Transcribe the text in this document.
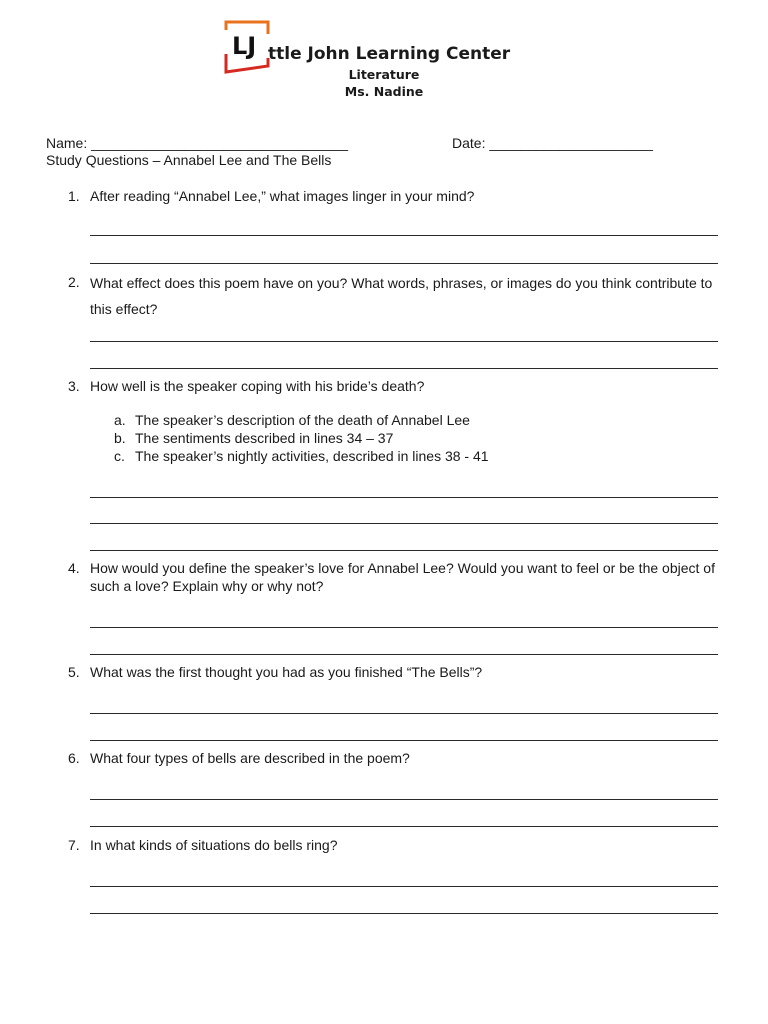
LJ ttle John Learning Center
Literature
Ms. Nadine
Name: _________________________________	Date: _____________________
Study Questions – Annabel Lee and The Bells
1. After reading “Annabel Lee,” what images linger in your mind?
2. What effect does this poem have on you? What words, phrases, or images do you think contribute to this effect?
3. How well is the speaker coping with his bride’s death?
a. The speaker’s description of the death of Annabel Lee
b. The sentiments described in lines 34 – 37
c. The speaker’s nightly activities, described in lines 38 - 41
4. How would you define the speaker’s love for Annabel Lee? Would you want to feel or be the object of such a love? Explain why or why not?
5. What was the first thought you had as you finished “The Bells”?
6. What four types of bells are described in the poem?
7. In what kinds of situations do bells ring?
